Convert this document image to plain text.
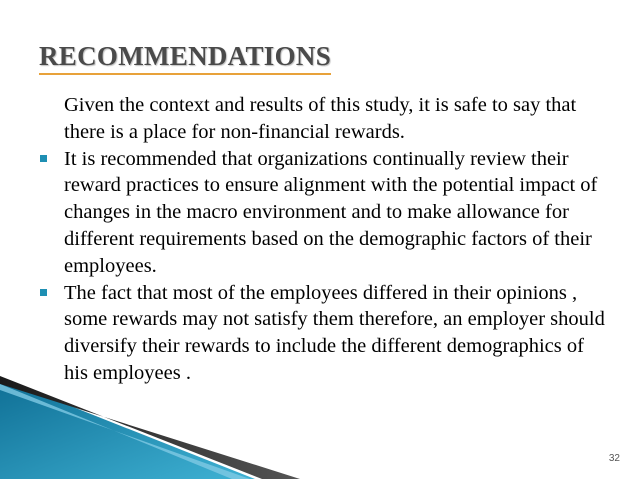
RECOMMENDATIONS
Given the context and results of this study, it is safe to say that there is a place for non-financial rewards.
It is recommended that organizations continually review their reward practices to ensure alignment with the potential impact of changes in the macro environment and to make allowance for different requirements based on the demographic factors of their employees.
The fact that most of the employees differed in their opinions , some rewards may not satisfy them therefore, an employer should diversify their rewards to include the different demographics of his employees .
32
